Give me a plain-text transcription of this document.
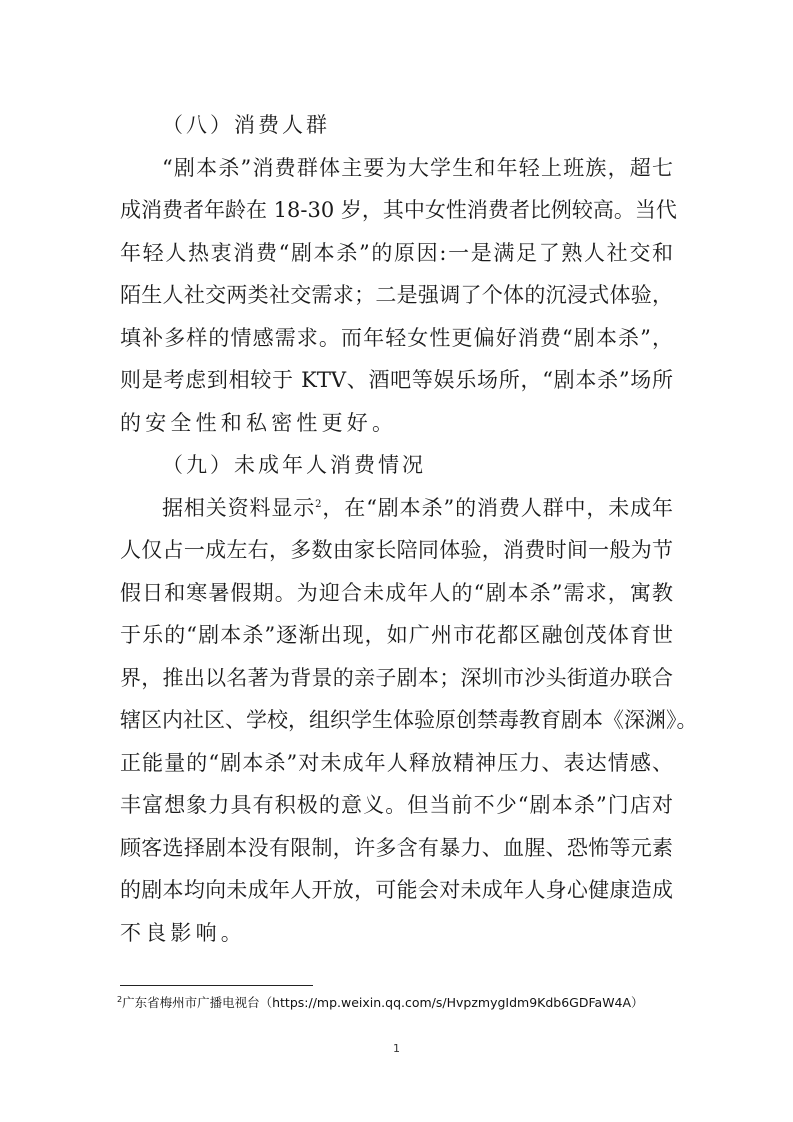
（八）消费人群
“剧本杀”消费群体主要为大学生和年轻上班族，超七
成消费者年龄在 18-30 岁，其中女性消费者比例较高。当代
年轻人热衷消费“剧本杀”的原因:一是满足了熟人社交和
陌生人社交两类社交需求；二是强调了个体的沉浸式体验，
填补多样的情感需求。而年轻女性更偏好消费“剧本杀”，
则是考虑到相较于 KTV、酒吧等娱乐场所，“剧本杀”场所
的安全性和私密性更好。
（九）未成年人消费情况
据相关资料显示$^2$，在“剧本杀”的消费人群中，未成年
人仅占一成左右，多数由家长陪同体验，消费时间一般为节
假日和寒暑假期。为迎合未成年人的“剧本杀”需求，寓教
于乐的“剧本杀”逐渐出现，如广州市花都区融创茂体育世
界，推出以名著为背景的亲子剧本；深圳市沙头街道办联合
辖区内社区、学校，组织学生体验原创禁毒教育剧本《深渊》。
正能量的“剧本杀”对未成年人释放精神压力、表达情感、
丰富想象力具有积极的意义。但当前不少“剧本杀”门店对
顾客选择剧本没有限制，许多含有暴力、血腥、恐怖等元素
的剧本均向未成年人开放，可能会对未成年人身心健康造成
不良影响。
$^2$广东省梅州市广播电视台（https://mp.weixin.qq.com/s/HvpzmygIdm9Kdb6GDFaW4A）
1
